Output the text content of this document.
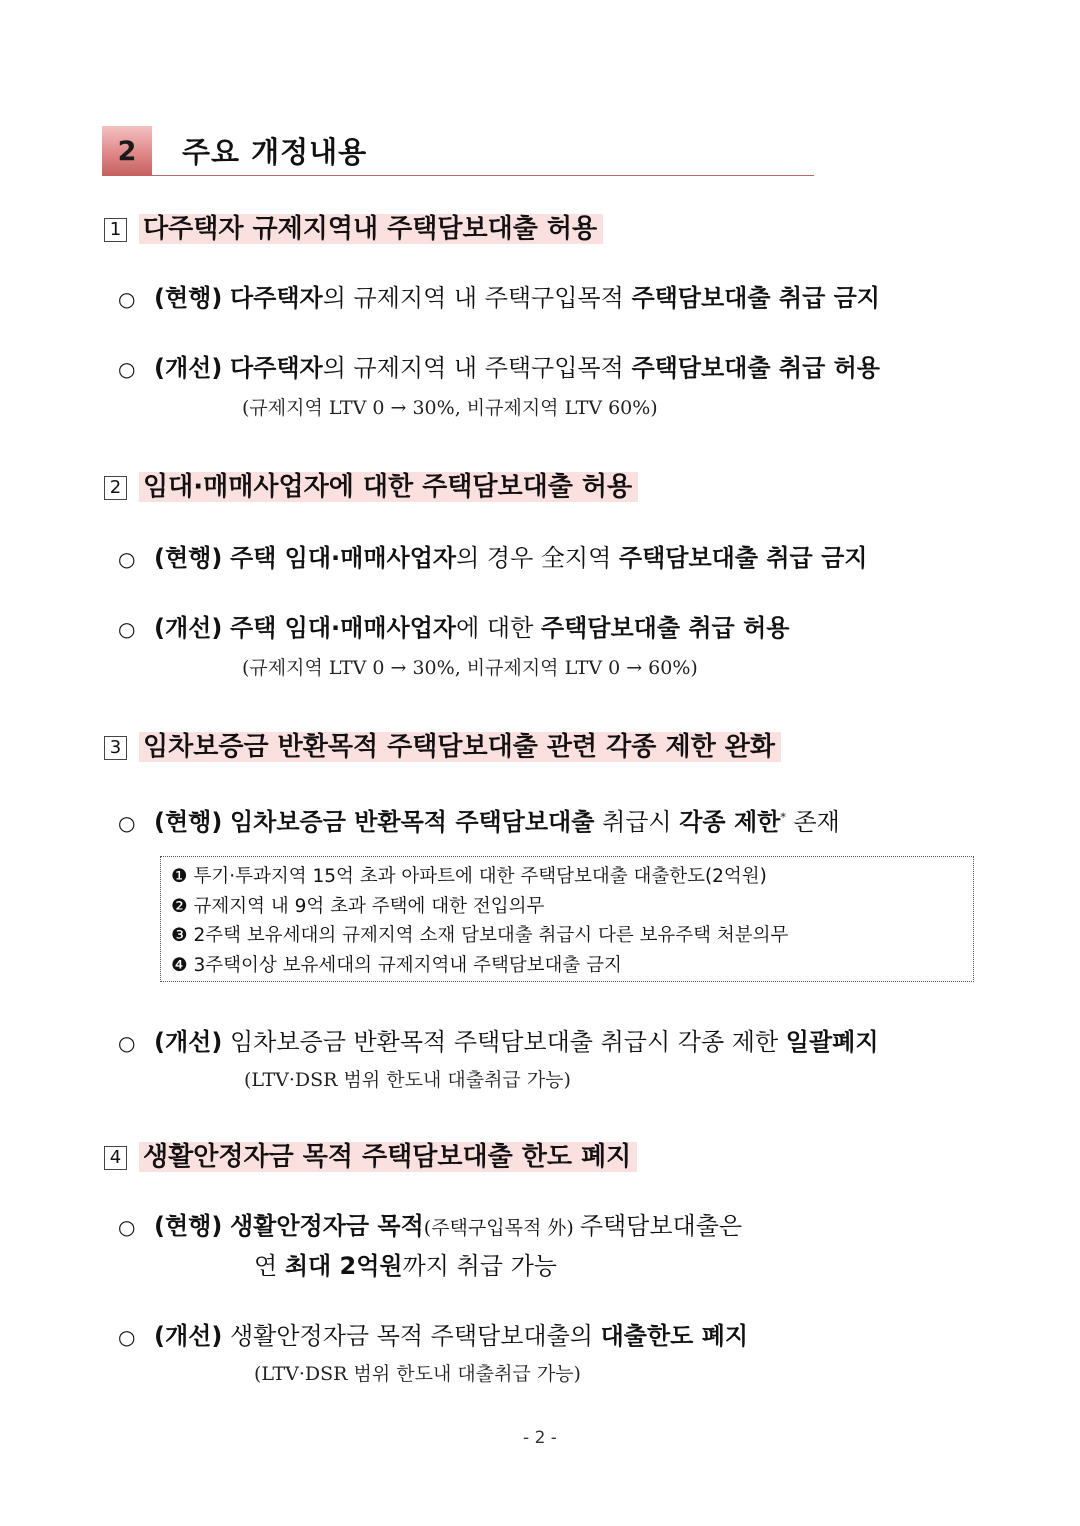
2	주요 개정내용
1 다주택자 규제지역내 주택담보대출 허용
○ (현행) 다주택자의 규제지역 내 주택구입목적 주택담보대출 취급 금지
○ (개선) 다주택자의 규제지역 내 주택구입목적 주택담보대출 취급 허용
(규제지역 LTV 0 → 30%, 비규제지역 LTV 60%)
2 임대·매매사업자에 대한 주택담보대출 허용
○ (현행) 주택 임대·매매사업자의 경우 全지역 주택담보대출 취급 금지
○ (개선) 주택 임대·매매사업자에 대한 주택담보대출 취급 허용
(규제지역 LTV 0 → 30%, 비규제지역 LTV 0 → 60%)
3 임차보증금 반환목적 주택담보대출 관련 각종 제한 완화
○ (현행) 임차보증금 반환목적 주택담보대출 취급시 각종 제한* 존재
❶ 투기·투과지역 15억 초과 아파트에 대한 주택담보대출 대출한도(2억원)
❷ 규제지역 내 9억 초과 주택에 대한 전입의무
❸ 2주택 보유세대의 규제지역 소재 담보대출 취급시 다른 보유주택 처분의무
❹ 3주택이상 보유세대의 규제지역내 주택담보대출 금지
○ (개선) 임차보증금 반환목적 주택담보대출 취급시 각종 제한 일괄폐지
(LTV·DSR 범위 한도내 대출취급 가능)
4 생활안정자금 목적 주택담보대출 한도 폐지
○ (현행) 생활안정자금 목적(주택구입목적 外) 주택담보대출은
연 최대 2억원까지 취급 가능
○ (개선) 생활안정자금 목적 주택담보대출의 대출한도 폐지
(LTV·DSR 범위 한도내 대출취급 가능)
- 2 -
